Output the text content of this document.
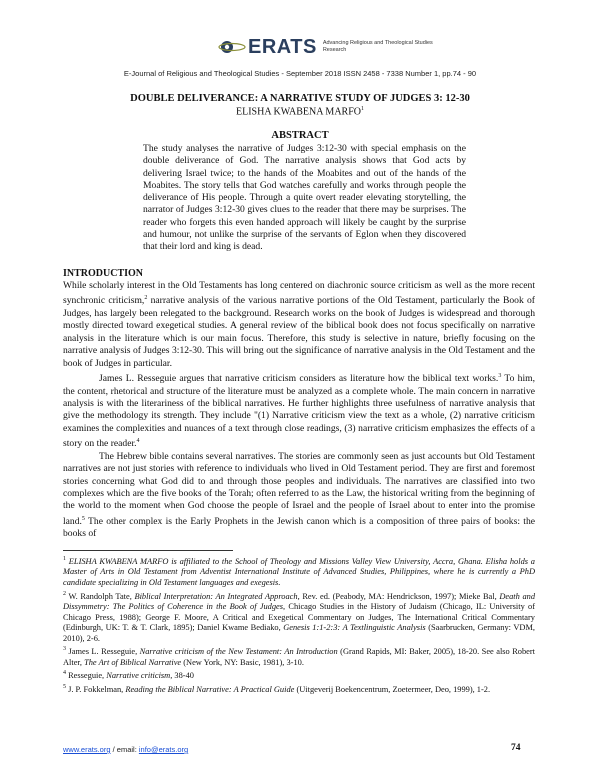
ERATS Advancing Religious and Theological Studies Research
E-Journal of Religious and Theological Studies - September 2018 ISSN 2458 - 7338 Number 1, pp.74 - 90
DOUBLE DELIVERANCE: A NARRATIVE STUDY OF JUDGES 3: 12-30
ELISHA KWABENA MARFO$^1$
ABSTRACT
The study analyses the narrative of Judges 3:12-30 with special emphasis on the double deliverance of God. The narrative analysis shows that God acts by delivering Israel twice; to the hands of the Moabites and out of the hands of the Moabites. The story tells that God watches carefully and works through people the deliverance of His people. Through a quite overt reader elevating storytelling, the narrator of Judges 3:12-30 gives clues to the reader that there may be surprises. The reader who forgets this even handed approach will likely be caught by the surprise and humour, not unlike the surprise of the servants of Eglon when they discovered that their lord and king is dead.
INTRODUCTION

While scholarly interest in the Old Testaments has long centered on diachronic source criticism as well as the more recent synchronic criticism,$^2$ narrative analysis of the various narrative portions of the Old Testament, particularly the Book of Judges, has largely been relegated to the background. Research works on the book of Judges is widespread and thorough mostly directed toward exegetical studies. A general review of the biblical book does not focus specifically on narrative analysis in the literature which is our main focus. Therefore, this study is selective in nature, briefly focusing on the narrative analysis of Judges 3:12-30. This will bring out the significance of narrative analysis in the Old Testament and the book of Judges in particular.

James L. Resseguie argues that narrative criticism considers as literature how the biblical text works.$^3$ To him, the content, rhetorical and structure of the literature must be analyzed as a complete whole. The main concern in narrative analysis is with the literariness of the biblical narratives. He further highlights three usefulness of narrative analysis that give the methodology its strength. They include "(1) Narrative criticism view the text as a whole, (2) narrative criticism examines the complexities and nuances of a text through close readings, (3) narrative criticism emphasizes the effects of a story on the reader.$^4$

The Hebrew bible contains several narratives. The stories are commonly seen as just accounts but Old Testament narratives are not just stories with reference to individuals who lived in Old Testament period. They are first and foremost stories concerning what God did to and through those peoples and individuals. The narratives are classified into two complexes which are the five books of the Torah; often referred to as the Law, the historical writing from the beginning of the world to the moment when God choose the people of Israel and the people of Israel about to enter into the promise land.$^5$ The other complex is the Early Prophets in the Jewish canon which is a composition of three pairs of books: the books of

$^1$ ELISHA KWABENA MARFO is affiliated to the School of Theology and Missions Valley View University, Accra, Ghana. Elisha holds a Master of Arts in Old Testament from Adventist International Institute of Advanced Studies, Philippines, where he is currently a PhD candidate specializing in Old Testament languages and exegesis.

$^2$ W. Randolph Tate, Biblical Interpretation: An Integrated Approach, Rev. ed. (Peabody, MA: Hendrickson, 1997); Mieke Bal, Death and Dissymmetry: The Politics of Coherence in the Book of Judges, Chicago Studies in the History of Judaism (Chicago, IL: University of Chicago Press, 1988); George F. Moore, A Critical and Exegetical Commentary on Judges, The International Critical Commentary (Edinburgh, UK: T. & T. Clark, 1895); Daniel Kwame Bediako, Genesis 1:1-2:3: A Textlinguistic Analysis (Saarbrucken, Germany: VDM, 2010), 2-6.

$^3$ James L. Resseguie, Narrative criticism of the New Testament: An Introduction (Grand Rapids, MI: Baker, 2005), 18-20. See also Robert Alter, The Art of Biblical Narrative (New York, NY: Basic, 1981), 3-10.

$^4$ Resseguie, Narrative criticism, 38-40

$^5$ J. P. Fokkelman, Reading the Biblical Narrative: A Practical Guide (Uitgeverij Boekencentrum, Zoetermeer, Deo, 1999), 1-2.

www.erats.org / email: info@erats.org	74
